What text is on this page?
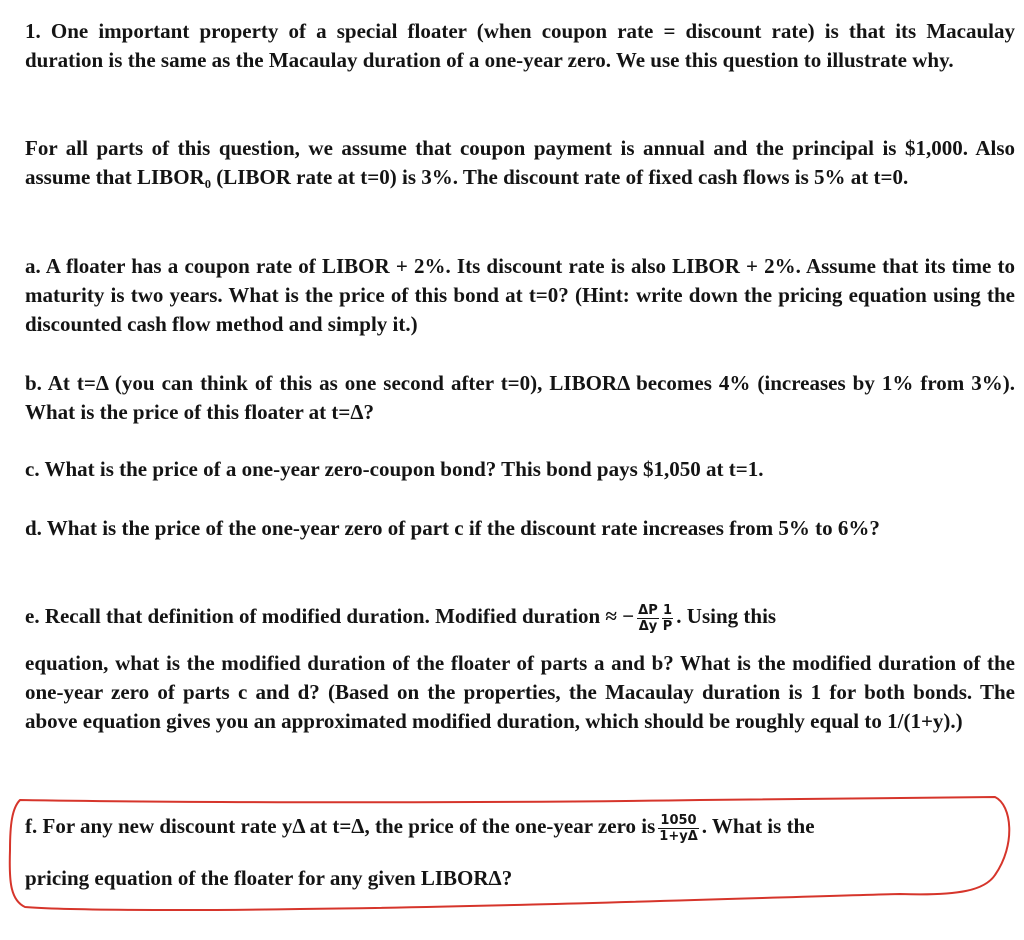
1. One important property of a special floater (when coupon rate = discount rate) is that its Macaulay duration is the same as the Macaulay duration of a one-year zero. We use this question to illustrate why.

For all parts of this question, we assume that coupon payment is annual and the principal is $1,000. Also assume that LIBOR₀ (LIBOR rate at t=0) is 3%. The discount rate of fixed cash flows is 5% at t=0.

a. A floater has a coupon rate of LIBOR + 2%. Its discount rate is also LIBOR + 2%. Assume that its time to maturity is two years. What is the price of this bond at t=0? (Hint: write down the pricing equation using the discounted cash flow method and simply it.)

b. At t=Δ (you can think of this as one second after t=0), LIBORΔ becomes 4% (increases by 1% from 3%). What is the price of this floater at t=Δ?

c. What is the price of a one-year zero-coupon bond? This bond pays $1,050 at t=1.

d. What is the price of the one-year zero of part c if the discount rate increases from 5% to 6%?

e. Recall that definition of modified duration. Modified duration ≈ − $\frac{\Delta P}{\Delta y} \frac{1}{P}$ . Using this

equation, what is the modified duration of the floater of parts a and b? What is the modified duration of the one-year zero of parts c and d? (Based on the properties, the Macaulay duration is 1 for both bonds. The above equation gives you an approximated modified duration, which should be roughly equal to 1/(1+y).)

f. For any new discount rate yΔ at t=Δ, the price of the one-year zero is $\frac{1050}{1+y\Delta}$ . What is the

pricing equation of the floater for any given LIBORΔ?
